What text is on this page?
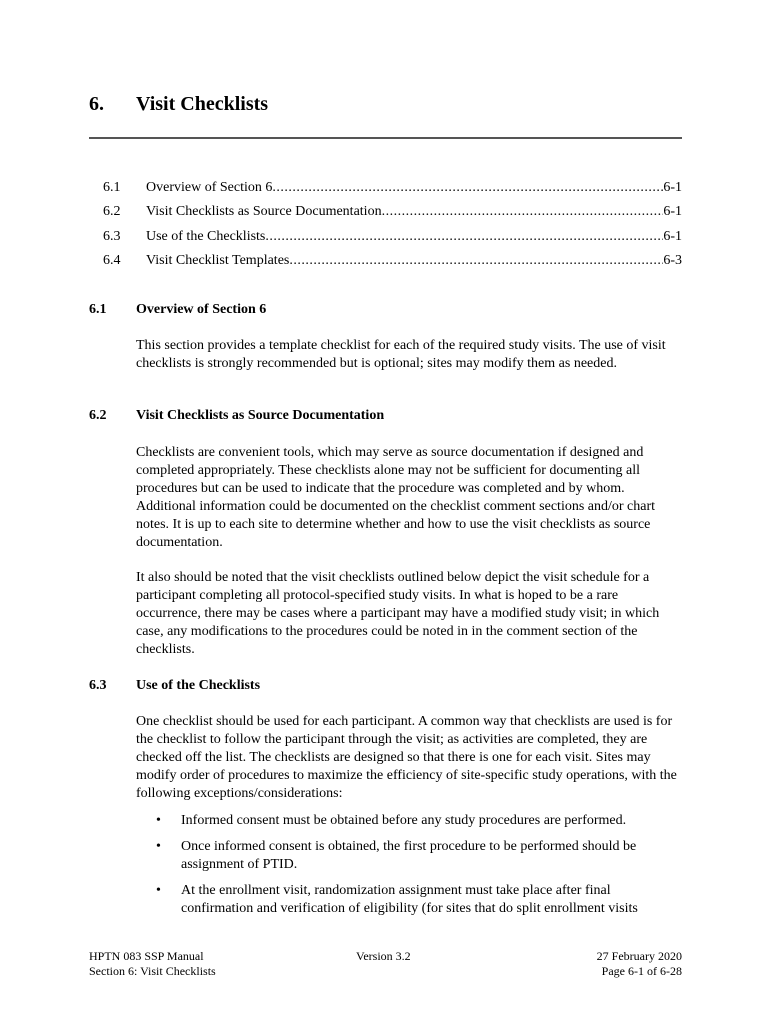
6. Visit Checklists
6.1	Overview of Section 6 .....	6-1
6.2	Visit Checklists as Source Documentation .....	6-1
6.3	Use of the Checklists .....	6-1
6.4	Visit Checklist Templates .....	6-3
6.1 Overview of Section 6
This section provides a template checklist for each of the required study visits. The use of visit checklists is strongly recommended but is optional; sites may modify them as needed.
6.2 Visit Checklists as Source Documentation
Checklists are convenient tools, which may serve as source documentation if designed and completed appropriately. These checklists alone may not be sufficient for documenting all procedures but can be used to indicate that the procedure was completed and by whom. Additional information could be documented on the checklist comment sections and/or chart notes. It is up to each site to determine whether and how to use the visit checklists as source documentation.
It also should be noted that the visit checklists outlined below depict the visit schedule for a participant completing all protocol-specified study visits. In what is hoped to be a rare occurrence, there may be cases where a participant may have a modified study visit; in which case, any modifications to the procedures could be noted in in the comment section of the checklists.
6.3 Use of the Checklists
One checklist should be used for each participant. A common way that checklists are used is for the checklist to follow the participant through the visit; as activities are completed, they are checked off the list. The checklists are designed so that there is one for each visit. Sites may modify order of procedures to maximize the efficiency of site-specific study operations, with the following exceptions/considerations:
• Informed consent must be obtained before any study procedures are performed.
• Once informed consent is obtained, the first procedure to be performed should be assignment of PTID.
• At the enrollment visit, randomization assignment must take place after final confirmation and verification of eligibility (for sites that do split enrollment visits
HPTN 083 SSP Manual
Section 6: Visit Checklists
Version 3.2	27 February 2020
Page 6-1 of 6-28
